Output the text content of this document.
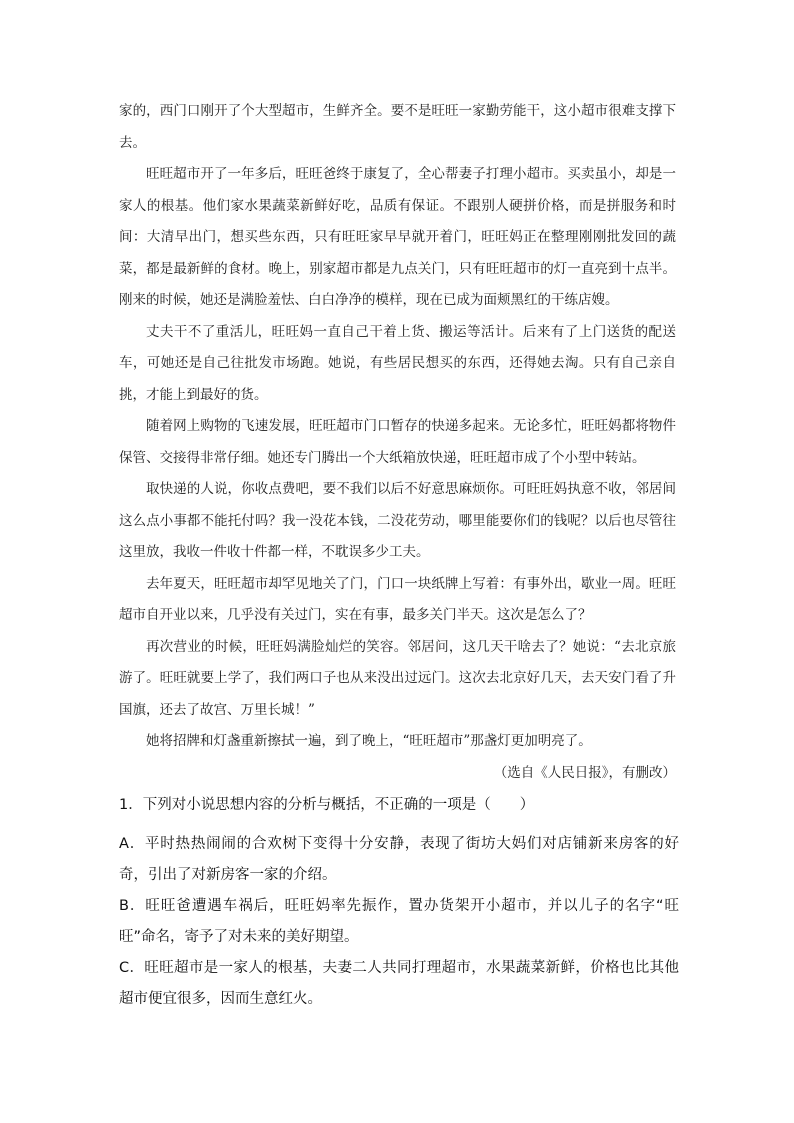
家的，西门口刚开了个大型超市，生鲜齐全。要不是旺旺一家勤劳能干，这小超市很难支撑下去。

旺旺超市开了一年多后，旺旺爸终于康复了，全心帮妻子打理小超市。买卖虽小，却是一家人的根基。他们家水果蔬菜新鲜好吃，品质有保证。不跟别人硬拼价格，而是拼服务和时间：大清早出门，想买些东西，只有旺旺家早早就开着门，旺旺妈正在整理刚刚批发回的蔬菜，都是最新鲜的食材。晚上，别家超市都是九点关门，只有旺旺超市的灯一直亮到十点半。刚来的时候，她还是满脸羞怯、白白净净的模样，现在已成为面颊黑红的干练店嫂。

丈夫干不了重活儿，旺旺妈一直自己干着上货、搬运等活计。后来有了上门送货的配送车，可她还是自己往批发市场跑。她说，有些居民想买的东西，还得她去淘。只有自己亲自挑，才能上到最好的货。

随着网上购物的飞速发展，旺旺超市门口暂存的快递多起来。无论多忙，旺旺妈都将物件保管、交接得非常仔细。她还专门腾出一个大纸箱放快递，旺旺超市成了个小型中转站。

取快递的人说，你收点费吧，要不我们以后不好意思麻烦你。可旺旺妈执意不收，邻居间这么点小事都不能托付吗？我一没花本钱，二没花劳动，哪里能要你们的钱呢？以后也尽管往这里放，我收一件收十件都一样，不耽误多少工夫。

去年夏天，旺旺超市却罕见地关了门，门口一块纸牌上写着：有事外出，歇业一周。旺旺超市自开业以来，几乎没有关过门，实在有事，最多关门半天。这次是怎么了？

再次营业的时候，旺旺妈满脸灿烂的笑容。邻居问，这几天干啥去了？她说：“去北京旅游了。旺旺就要上学了，我们两口子也从来没出过远门。这次去北京好几天，去天安门看了升国旗，还去了故宫、万里长城！”

她将招牌和灯盏重新擦拭一遍，到了晚上，“旺旺超市”那盏灯更加明亮了。

（选自《人民日报》，有删改）

1．下列对小说思想内容的分析与概括，不正确的一项是（　　）

A．平时热热闹闹的合欢树下变得十分安静，表现了街坊大妈们对店铺新来房客的好奇，引出了对新房客一家的介绍。

B．旺旺爸遭遇车祸后，旺旺妈率先振作，置办货架开小超市，并以儿子的名字“旺旺”命名，寄予了对未来的美好期望。

C．旺旺超市是一家人的根基，夫妻二人共同打理超市，水果蔬菜新鲜，价格也比其他超市便宜很多，因而生意红火。
